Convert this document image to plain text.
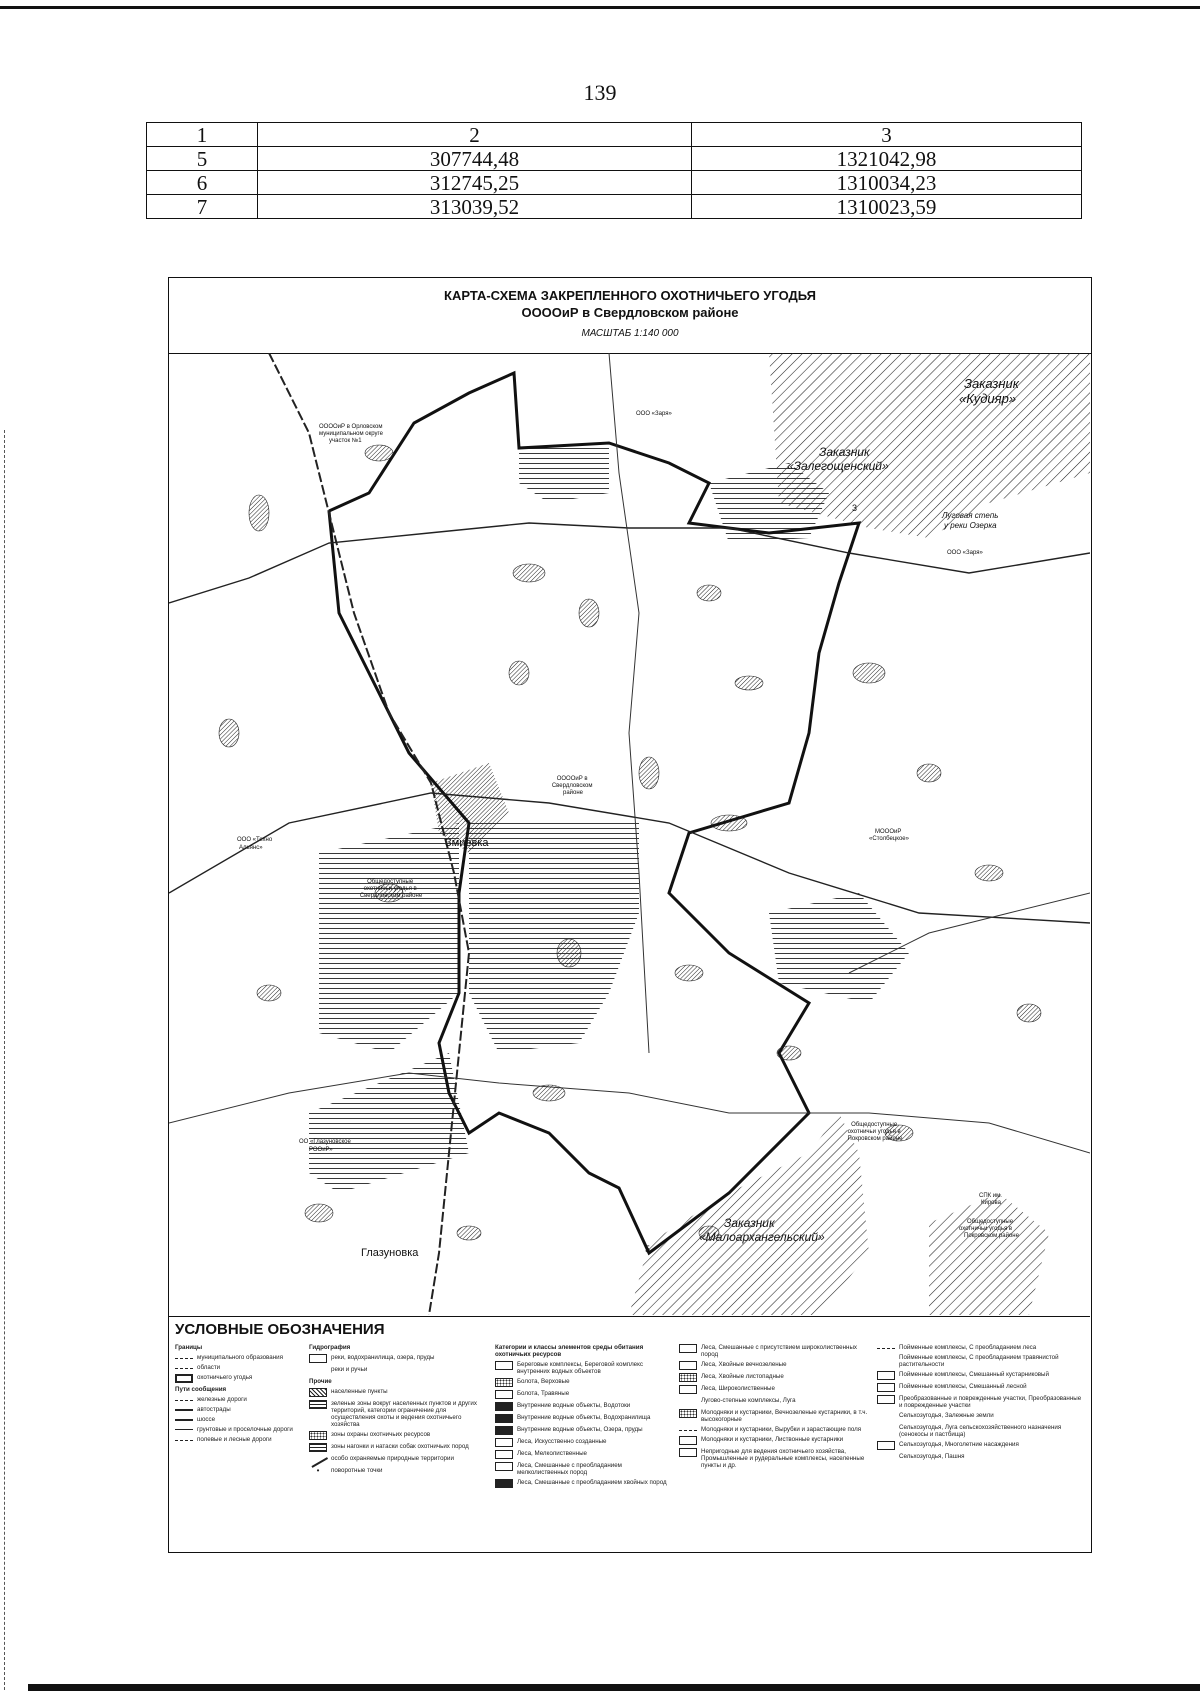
139
1	2	3
5	307744,48	1321042,98
6	312745,25	1310034,23
7	313039,52	1310023,59
КАРТА-СХЕМА ЗАКРЕПЛЕННОГО ОХОТНИЧЬЕГО УГОДЬЯ
ООООиР в Свердловском районе
МАСШТАБ 1:140 000
ООООиР в Орловском муниципальном округе участок №1
ООО «Заря»
Заказник «Кудияр»
Заказник «Залегощенский»
Луговая степь у реки Озерка
ООО «Заря»
ООООиР в Свердловском районе
Змиевка
МОООиР «Столбецкое»
ООО «Техно Альянс»
Общедоступные охотничьи угодья в Свердловском районе
Общедоступные охотничьи угодья в Покровском районе
ОО «Глазуновское РООиР»
Заказник «Малоархангельский»
СПК им. Кирова
Общедоступные охотничьи угодья в Покровском районе
Глазуновка
3
5
УСЛОВНЫЕ ОБОЗНАЧЕНИЯ
Границы
муниципального образования
области
охотничьего угодья
Пути сообщения
железные дороги
автострады
шоссе
грунтовые и проселочные дороги
полевые и лесные дороги
Гидрография
реки, водохранилища, озера, пруды
реки и ручьи
Прочие
населенные пункты
зеленые зоны вокруг населенных пунктов и других территорий, категории ограничение для осуществления охоты и ведения охотничьего хозяйства
зоны охраны охотничьих ресурсов
зоны нагонки и натаски собак охотничьих пород
особо охраняемые природные территории
•	поворотные точки
Категории и классы элементов среды обитания охотничьих ресурсов
Береговые комплексы, Береговой комплекс внутренних водных объектов
Болота, Верховые
Болота, Травяные
Внутренние водные объекты, Водотоки
Внутренние водные объекты, Водохранилища
Внутренние водные объекты, Озера, пруды
Леса, Искусственно созданные
Леса, Мелколиственные
Леса, Смешанные с преобладанием мелколиственных пород
Леса, Смешанные с преобладанием хвойных пород
Леса, Смешанные с присутствием широколиственных пород
Леса, Хвойные вечнозеленые
Леса, Хвойные листопадные
Леса, Широколиственные
Лугово-степные комплексы, Луга
Молодняки и кустарники, Вечнозеленые кустарники, в т.ч. высокогорные
Молодняки и кустарники, Вырубки и зарастающие поля
Молодняки и кустарники, Листвонные кустарники
Непригодные для ведения охотничьего хозяйства, Промышленные и рудеральные комплексы, населенные пункты и др.
Пойменные комплексы, С преобладанием леса
Пойменные комплексы, С преобладанием травянистой растительности
Пойменные комплексы, Смешанный кустарниковый
Пойменные комплексы, Смешанный лесной
Преобразованные и поврежденные участки, Преобразованные и поврежденные участки
Сельхозугодья, Залежные земли
Сельхозугодья, Луга сельскохозяйственного назначения (сенокосы и пастбища)
Сельхозугодья, Многолетние насаждения
Сельхозугодья, Пашня
